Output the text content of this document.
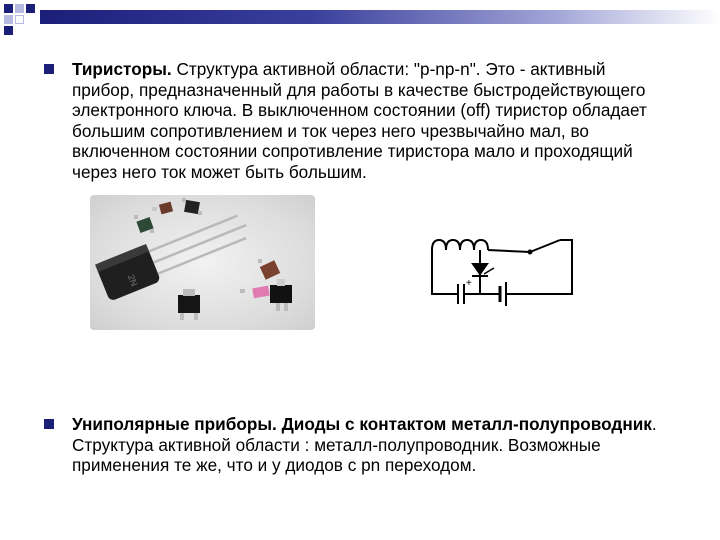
Тиристоры. Структура активной области: "p-np-n". Это - активный прибор, предназначенный для работы в качестве быстродействующего электронного ключа. В выключенном состоянии (off) тиристор обладает большим сопротивлением и ток через него чрезвычайно мал, во включенном состоянии сопротивление тиристора мало и проходящий через него ток может быть большим.
2N	+
Униполярные приборы. Диоды с контактом металл-полупроводник. Структура активной области : металл-полупроводник. Возможные применения те же, что и у диодов с pn переходом.
